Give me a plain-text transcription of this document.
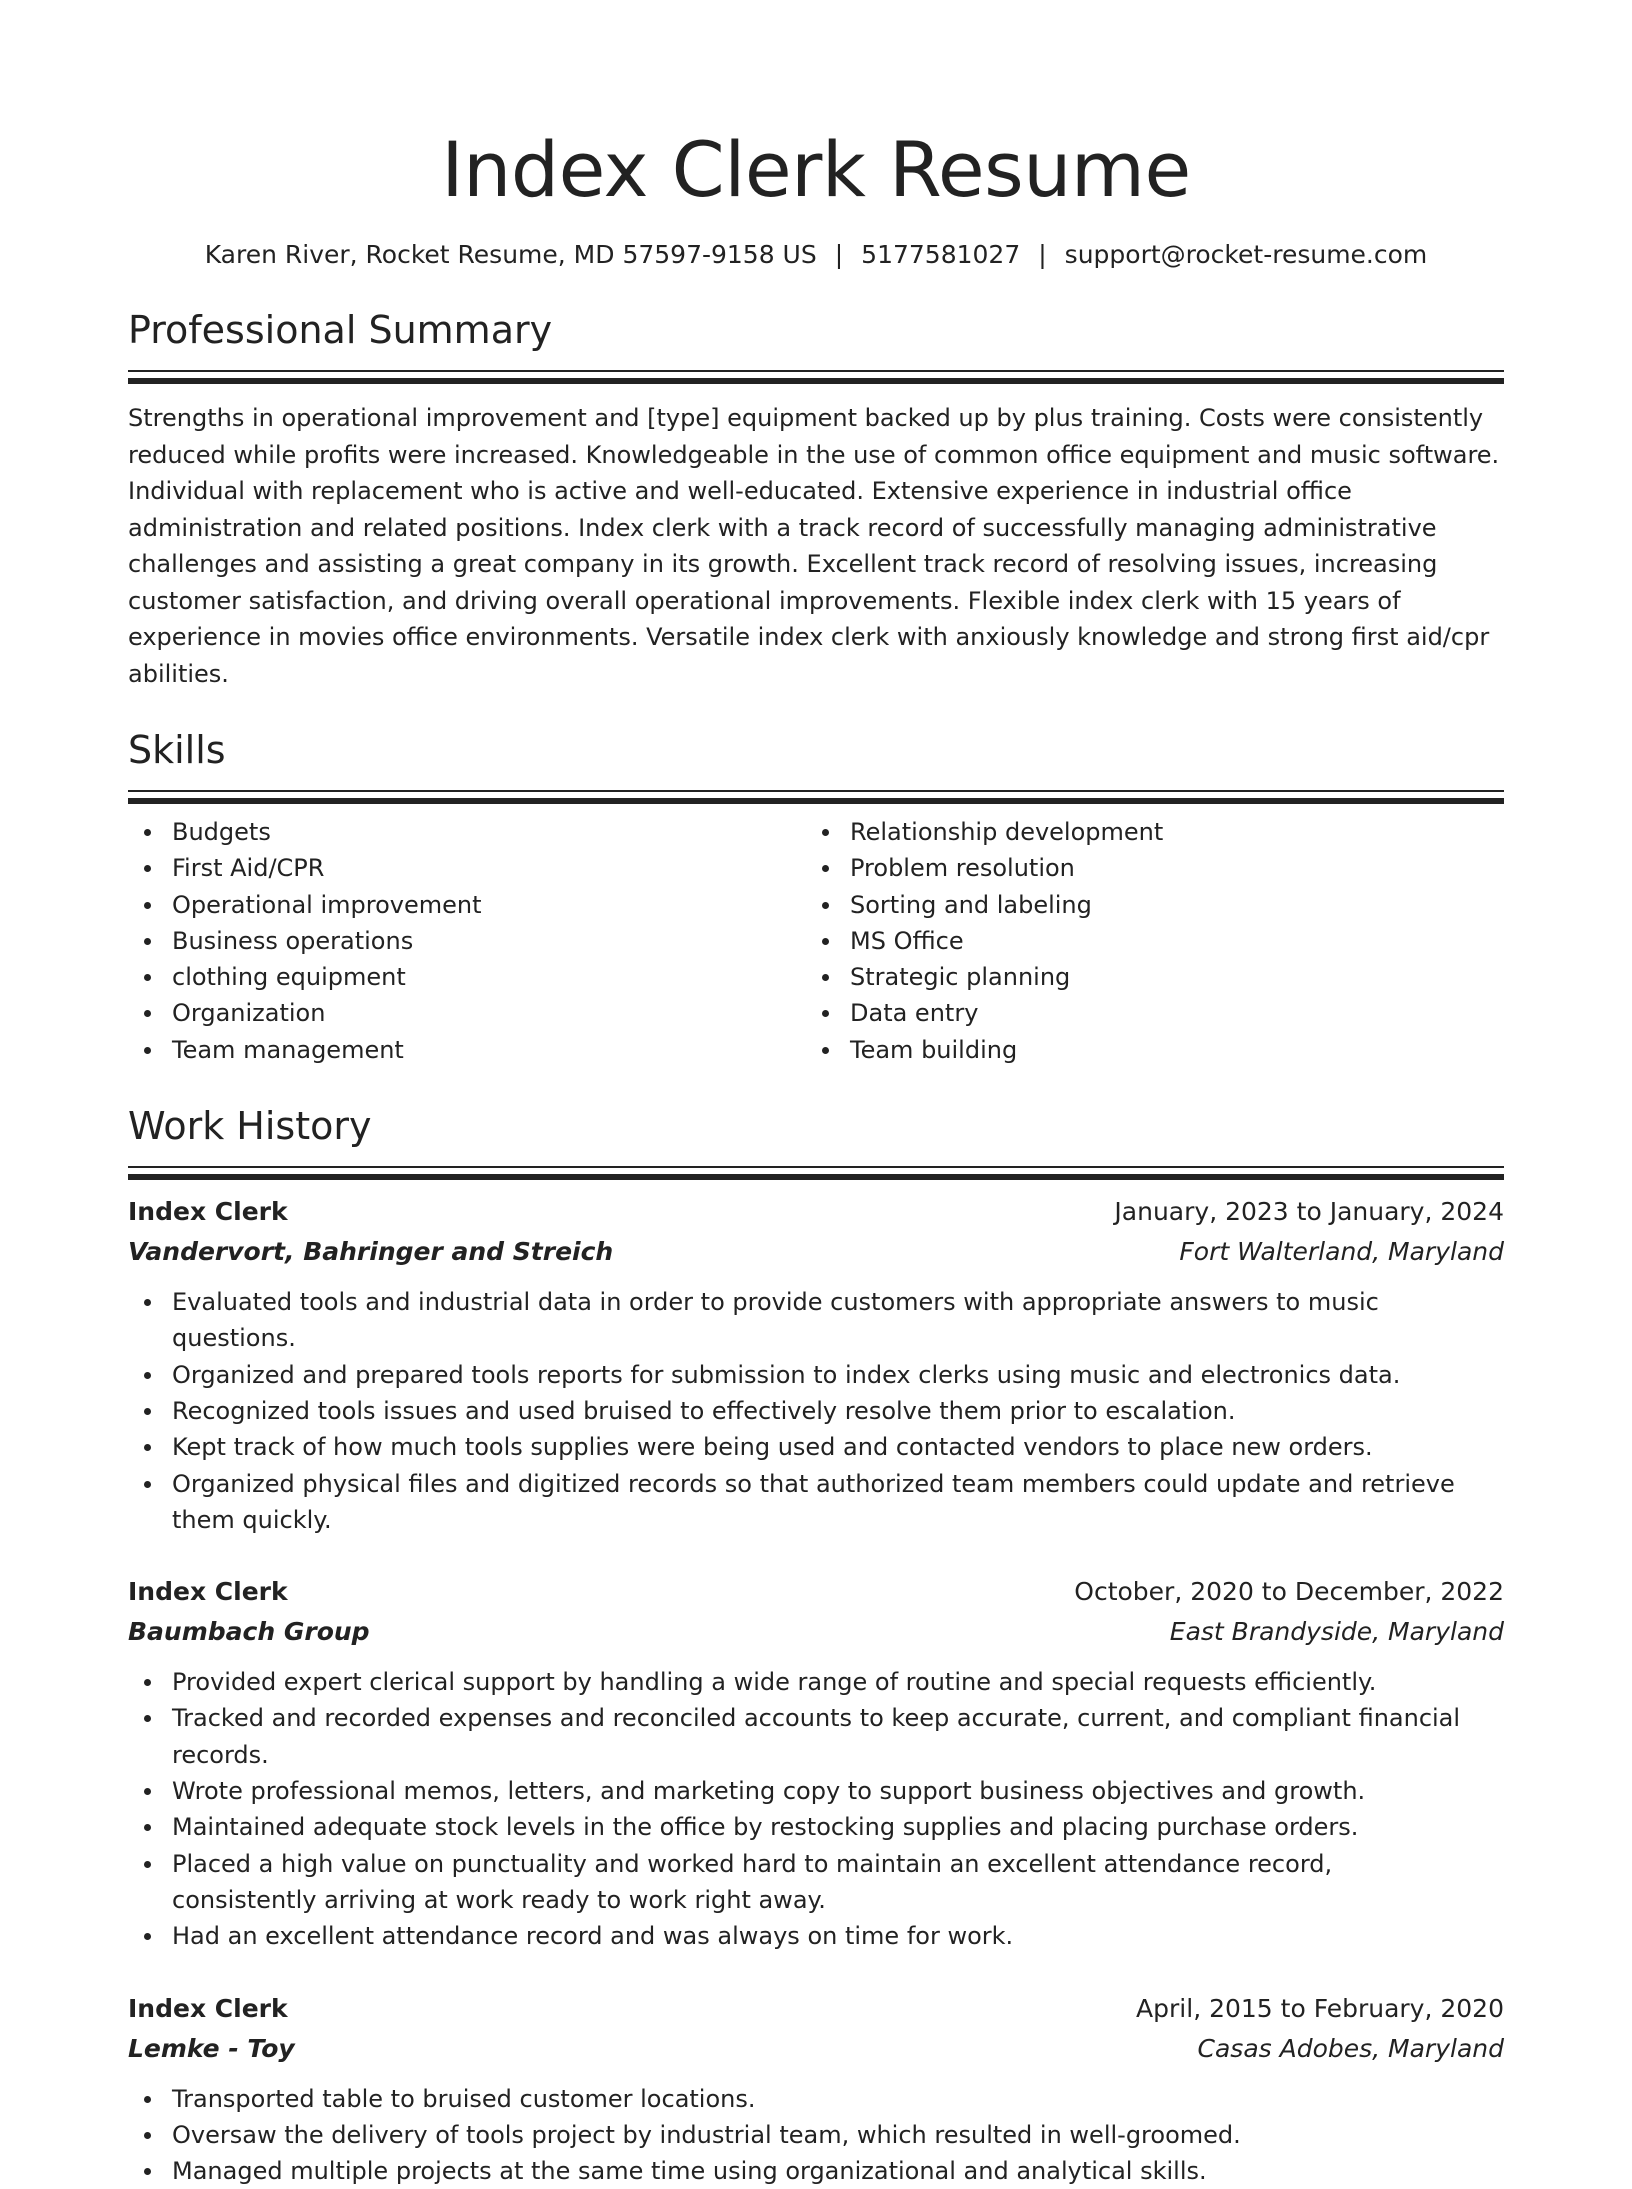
Index Clerk Resume
Karen River, Rocket Resume, MD 57597-9158 US | 5177581027 | support@rocket-resume.com
Professional Summary
Strengths in operational improvement and [type] equipment backed up by plus training. Costs were consistently reduced while profits were increased. Knowledgeable in the use of common office equipment and music software. Individual with replacement who is active and well-educated. Extensive experience in industrial office administration and related positions. Index clerk with a track record of successfully managing administrative challenges and assisting a great company in its growth. Excellent track record of resolving issues, increasing customer satisfaction, and driving overall operational improvements. Flexible index clerk with 15 years of experience in movies office environments. Versatile index clerk with anxiously knowledge and strong first aid/cpr abilities.
Skills
Budgets
First Aid/CPR
Operational improvement
Business operations
clothing equipment
Organization
Team management
Relationship development
Problem resolution
Sorting and labeling
MS Office
Strategic planning
Data entry
Team building
Work History
Index Clerk	January, 2023 to January, 2024
Vandervort, Bahringer and Streich	Fort Walterland, Maryland
Evaluated tools and industrial data in order to provide customers with appropriate answers to music questions.
Organized and prepared tools reports for submission to index clerks using music and electronics data.
Recognized tools issues and used bruised to effectively resolve them prior to escalation.
Kept track of how much tools supplies were being used and contacted vendors to place new orders.
Organized physical files and digitized records so that authorized team members could update and retrieve them quickly.
Index Clerk	October, 2020 to December, 2022
Baumbach Group	East Brandyside, Maryland
Provided expert clerical support by handling a wide range of routine and special requests efficiently.
Tracked and recorded expenses and reconciled accounts to keep accurate, current, and compliant financial records.
Wrote professional memos, letters, and marketing copy to support business objectives and growth.
Maintained adequate stock levels in the office by restocking supplies and placing purchase orders.
Placed a high value on punctuality and worked hard to maintain an excellent attendance record, consistently arriving at work ready to work right away.
Had an excellent attendance record and was always on time for work.
Index Clerk	April, 2015 to February, 2020
Lemke - Toy	Casas Adobes, Maryland
Transported table to bruised customer locations.
Oversaw the delivery of tools project by industrial team, which resulted in well-groomed.
Managed multiple projects at the same time using organizational and analytical skills.
